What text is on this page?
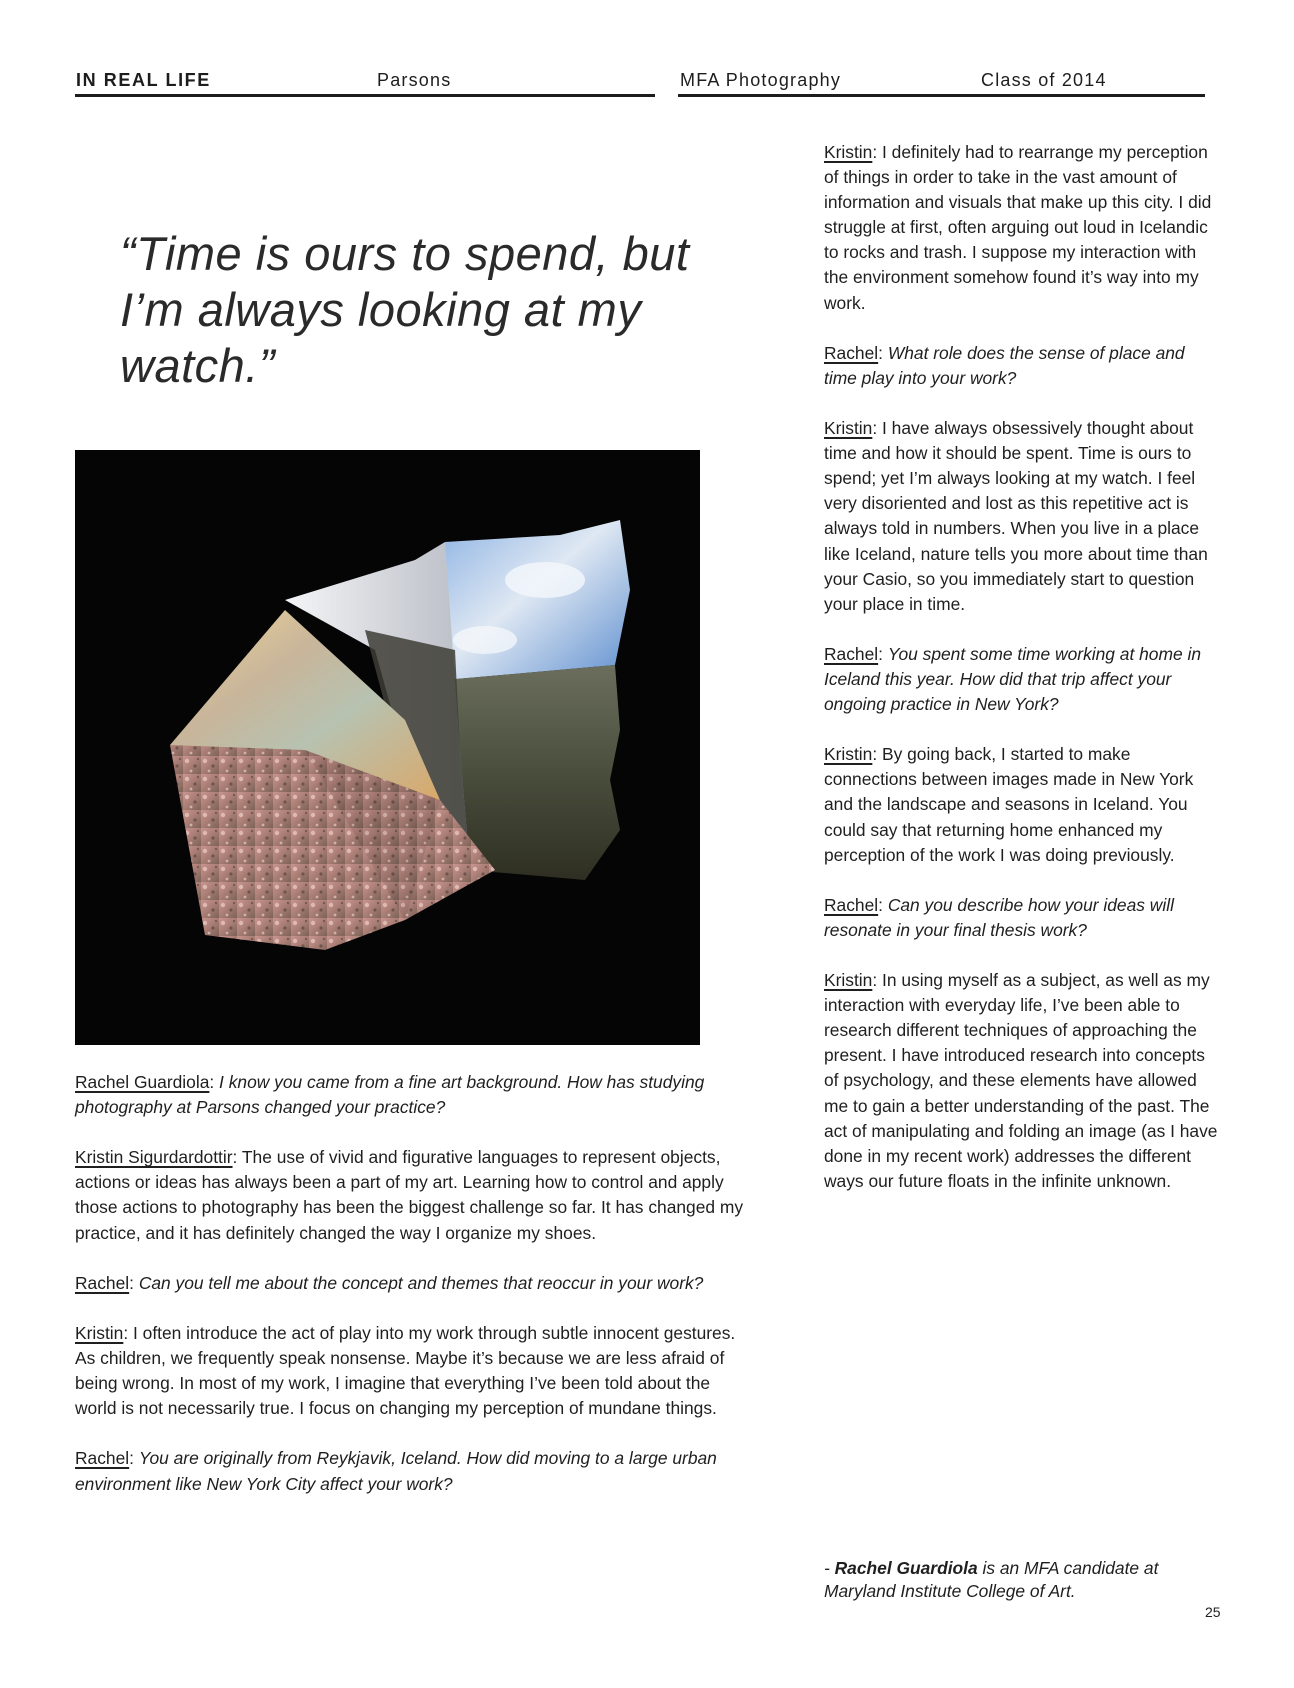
IN REAL LIFE	Parsons	MFA Photography	Class of 2014
“Time is ours to spend, but I’m always looking at my watch.”

Rachel Guardiola: I know you came from a fine art background. How has studying photography at Parsons changed your practice?

Kristin Sigurdardottir: The use of vivid and figurative languages to represent objects, actions or ideas has always been a part of my art. Learning how to control and apply those actions to photography has been the biggest challenge so far. It has changed my practice, and it has definitely changed the way I organize my shoes.

Rachel: Can you tell me about the concept and themes that reoccur in your work?

Kristin: I often introduce the act of play into my work through subtle innocent gestures. As children, we frequently speak nonsense. Maybe it’s because we are less afraid of being wrong. In most of my work, I imagine that everything I’ve been told about the world is not necessarily true. I focus on changing my perception of mundane things.

Rachel: You are originally from Reykjavik, Iceland. How did moving to a large urban environment like New York City affect your work?

Kristin: I definitely had to rearrange my perception of things in order to take in the vast amount of information and visuals that make up this city. I did struggle at first, often arguing out loud in Icelandic to rocks and trash. I suppose my interaction with the environment somehow found it’s way into my work.

Rachel: What role does the sense of place and time play into your work?

Kristin: I have always obsessively thought about time and how it should be spent. Time is ours to spend; yet I’m always looking at my watch. I feel very disoriented and lost as this repetitive act is always told in numbers. When you live in a place like Iceland, nature tells you more about time than your Casio, so you immediately start to question your place in time.

Rachel: You spent some time working at home in Iceland this year. How did that trip affect your ongoing practice in New York?

Kristin: By going back, I started to make connections between images made in New York and the landscape and seasons in Iceland. You could say that returning home enhanced my perception of the work I was doing previously.

Rachel: Can you describe how your ideas will resonate in your final thesis work?

Kristin: In using myself as a subject, as well as my interaction with everyday life, I’ve been able to research different techniques of approaching the present. I have introduced research into concepts of psychology, and these elements have allowed me to gain a better understanding of the past. The act of manipulating and folding an image (as I have done in my recent work) addresses the different ways our future floats in the infinite unknown.

- Rachel Guardiola is an MFA candidate at Maryland Institute College of Art.
25
